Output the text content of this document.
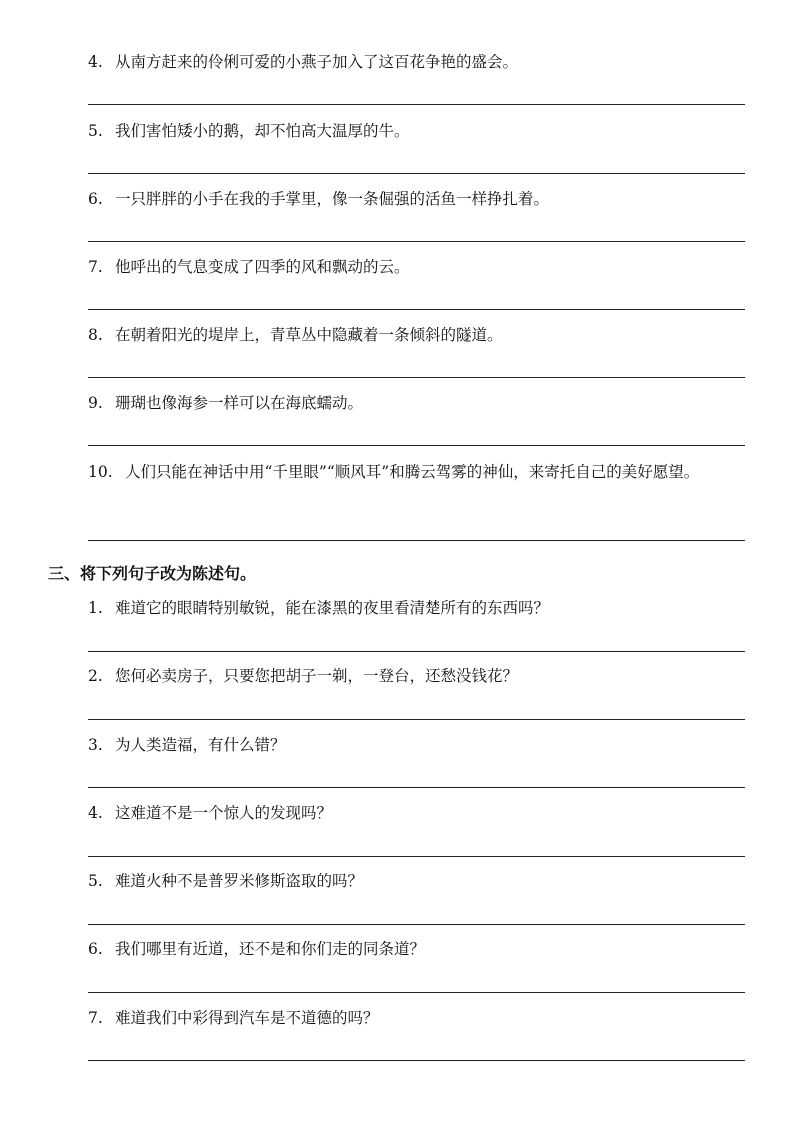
4. 从南方赶来的伶俐可爱的小燕子加入了这百花争艳的盛会。
5. 我们害怕矮小的鹅，却不怕高大温厚的牛。
6. 一只胖胖的小手在我的手掌里，像一条倔强的活鱼一样挣扎着。
7. 他呼出的气息变成了四季的风和飘动的云。
8. 在朝着阳光的堤岸上，青草丛中隐藏着一条倾斜的隧道。
9. 珊瑚也像海参一样可以在海底蠕动。
10. 人们只能在神话中用“千里眼”“顺风耳”和腾云驾雾的神仙，来寄托自己的美好愿望。
三、将下列句子改为陈述句。
1. 难道它的眼睛特别敏锐，能在漆黑的夜里看清楚所有的东西吗？
2. 您何必卖房子，只要您把胡子一剃，一登台，还愁没钱花？
3. 为人类造福，有什么错？
4. 这难道不是一个惊人的发现吗？
5. 难道火种不是普罗米修斯盗取的吗？
6. 我们哪里有近道，还不是和你们走的同条道？
7. 难道我们中彩得到汽车是不道德的吗？
